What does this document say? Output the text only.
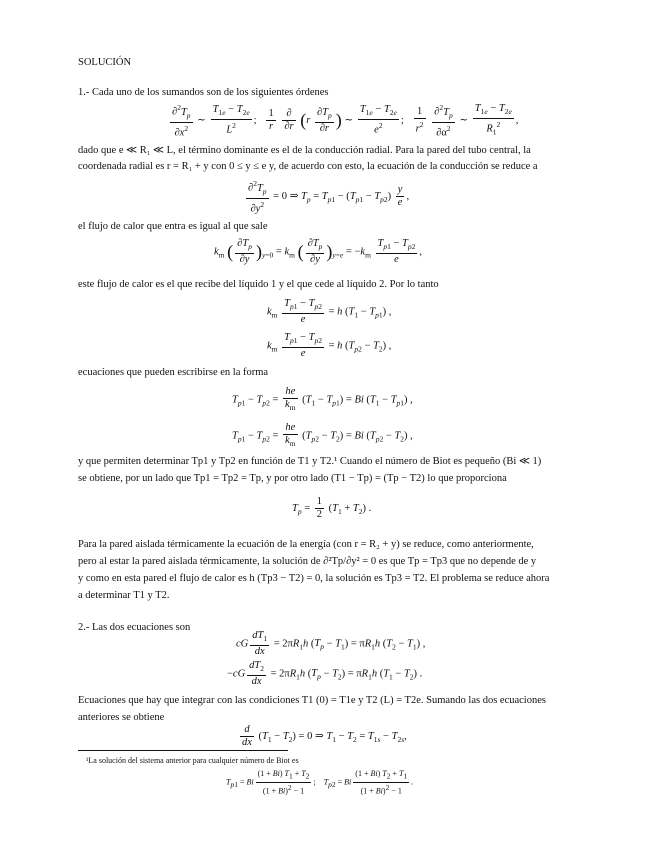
SOLUCIÓN
1.- Cada uno de los sumandos son de los siguientes órdenes
$\frac{\partial^2T_p}{\partial x^2}$ ∼ $\frac{T_{1e} - T_{2e}}{L^2}$ ; $\frac{1}{r}$
$\frac{\partial}{\partial r} (r \frac{\partial T_p}{\partial r}$ ) ∼ $\frac{T_{1e} - T_{2e}}{e^2}$ ; $\frac{1}{r^2}$
$\frac{\partial^2T_p}{\partial\alpha^2}$ ∼ $\frac{T_{1e} - T_{2e}}{R_1^2}$ ,
dado que e ≪ R₁ ≪ L, el término dominante es el de la conducción radial. Para la pared del tubo central, la
coordenada radial es r = R₁ + y con 0 ≤ y ≤ e y, de acuerdo con esto, la ecuación de la conducción se reduce a
$\frac{\partial^2T_p}{\partial y^2} = 0$ ⇒ $T_p = T_{p1} - (T_{p1} - T_{p2}) \frac{y}{e}$ ,
el flujo de calor que entra es igual al que sale
$k_m$ ( $\frac{\partial T_p}{\partial y} )_{y=0} = k_m$ ( $\frac{\partial T_p}{\partial y} )_{y=e} = -k_m \frac{T_{p1} - T_{p2}}{e}$ ,
este flujo de calor es el que recibe del líquido 1 y el que cede al líquido 2. Por lo tanto
$k_m \frac{T_{p1} - T_{p2}}{e} = h$ $(T_1 - T_{p1})$ ,
$k_m \frac{T_{p1} - T_{p2}}{e} = h$ $(T_{p2} - T_2)$ ,
ecuaciones que pueden escribirse en la forma
$T_{p1} - T_{p2} = \frac{he}{k_m} (T_1 - T_{p1}) = Bi$ $(T_1 - T_{p1})$ ,
$T_{p1} - T_{p2} = \frac{he}{k_m} (T_{p2} - T_2) = Bi$ $(T_{p2} - T_2)$ ,
y que permiten determinar Tp1 y Tp2 en función de T1 y T2.¹ Cuando el número de Biot es pequeño (Bi ≪ 1)
se obtiene, por un lado que Tp1 = Tp2 = Tp, y por otro lado (T1 − Tp) = (Tp − T2) lo que proporciona
$T_p = \frac{1}{2} (T_1 + T_2)$ .
Para la pared aislada térmicamente la ecuación de la energía (con r = R₂ + y) se reduce, como anteriormente,
pero al estar la pared aislada térmicamente, la solución de ∂²Tp/∂y² = 0 es que Tp = Tp3 que no depende de y
y como en esta pared el flujo de calor es h (Tp3 − T2) = 0, la solución es Tp3 = T2. El problema se reduce ahora
a determinar T1 y T2.
2.- Las dos ecuaciones son
cG $\frac{dT_1}{dx} = 2\pi R_1h$ $(T_p - T_1) = \pi R_1h$ $(T_2 - T_1)$ ,
$-cG \frac{dT_2}{dx} = 2\pi R_1h$ $(T_p - T_2) = \pi R_1h$ $(T_1 - T_2)$ .
Ecuaciones que hay que integrar con las condiciones T1 (0) = T1e y T2 (L) = T2e. Sumando las dos ecuaciones
anteriores se obtiene
$\frac{d}{dx} (T_1 - T_2) = 0$ ⇒ $T_1 - T_2 = T_{1s} - T_{2s}$,
¹La solución del sistema anterior para cualquier número de Biot es
$T_{p1} = Bi \frac{(1 + Bi) T_1 + T_2}{(1 + Bi)^2 - 1}$ ;    $T_{p2} = Bi \frac{(1 + Bi) T_2 + T_1}{(1 + Bi)^2 - 1}$ .
